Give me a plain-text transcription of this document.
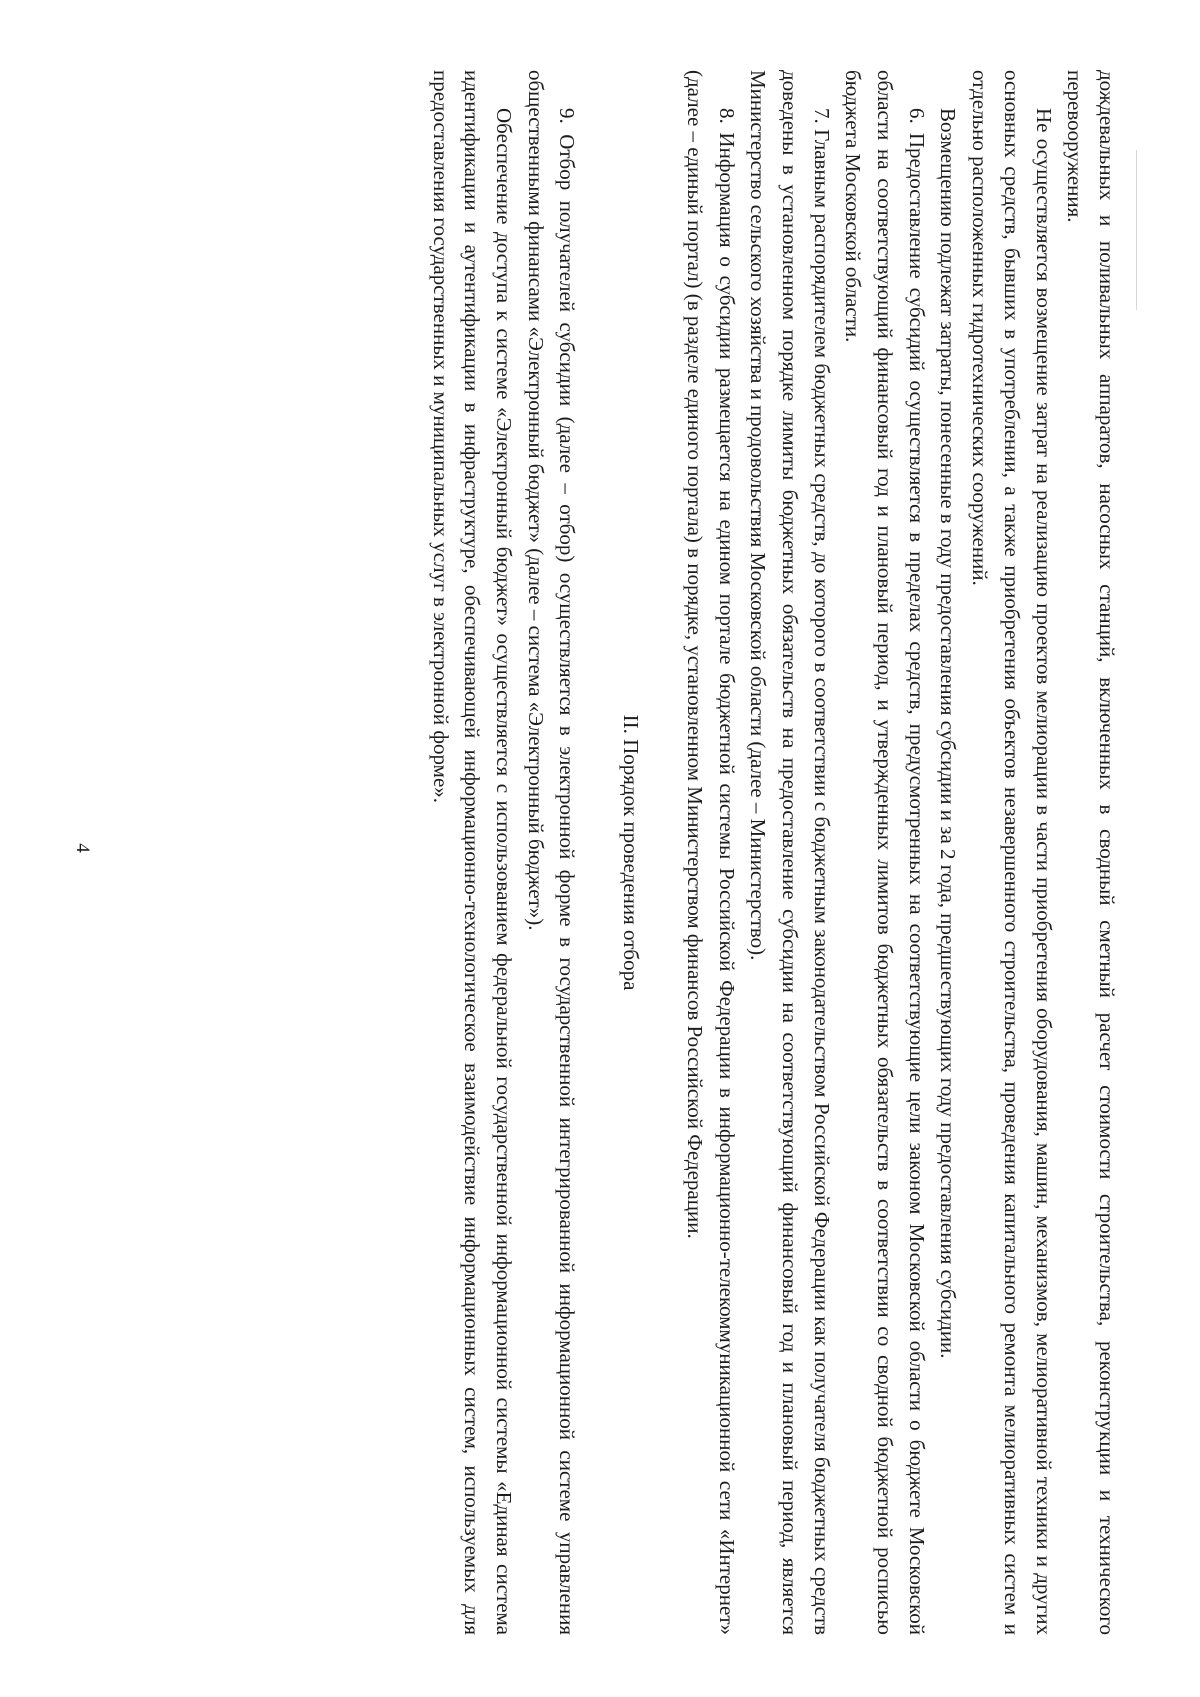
4	дождевальных и поливальных аппаратов, насосных станций, включенных в сводный сметный расчет стоимости строительства, реконструкции и технического перевооружения.

Не осуществляется возмещение затрат на реализацию проектов мелиорации в части приобретения оборудования, машин, механизмов, мелиоративной техники и других основных средств, бывших в употреблении, а также приобретения объектов незавершенного строительства, проведения капитального ремонта мелиоративных систем и отдельно расположенных гидротехнических сооружений.

Возмещению подлежат затраты, понесенные в году предоставления субсидии и за 2 года, предшествующих году предоставления субсидии.

6. Предоставление субсидий осуществляется в пределах средств, предусмотренных на соответствующие цели законом Московской области о бюджете Московской области на соответствующий финансовый год и плановый период, и утвержденных лимитов бюджетных обязательств в соответствии со сводной бюджетной росписью бюджета Московской области.

7. Главным распорядителем бюджетных средств, до которого в соответствии с бюджетным законодательством Российской Федерации как получателя бюджетных средств доведены в установленном порядке лимиты бюджетных обязательств на предоставление субсидии на соответствующий финансовый год и плановый период, является Министерство сельского хозяйства и продовольствия Московской области (далее – Министерство).

8. Информация о субсидии размещается на едином портале бюджетной системы Российской Федерации в информационно-телекоммуникационной сети «Интернет» (далее – единый портал) (в разделе единого портала) в порядке, установленном Министерством финансов Российской Федерации.

II. Порядок проведения отбора

9. Отбор получателей субсидии (далее – отбор) осуществляется в электронной форме в государственной интегрированной информационной системе управления общественными финансами «Электронный бюджет» (далее – система «Электронный бюджет»).

Обеспечение доступа к системе «Электронный бюджет» осуществляется с использованием федеральной государственной информационной системы «Единая система идентификации и аутентификации в инфраструктуре, обеспечивающей информационно-технологическое взаимодействие информационных систем, используемых для предоставления государственных и муниципальных услуг в электронной форме».
